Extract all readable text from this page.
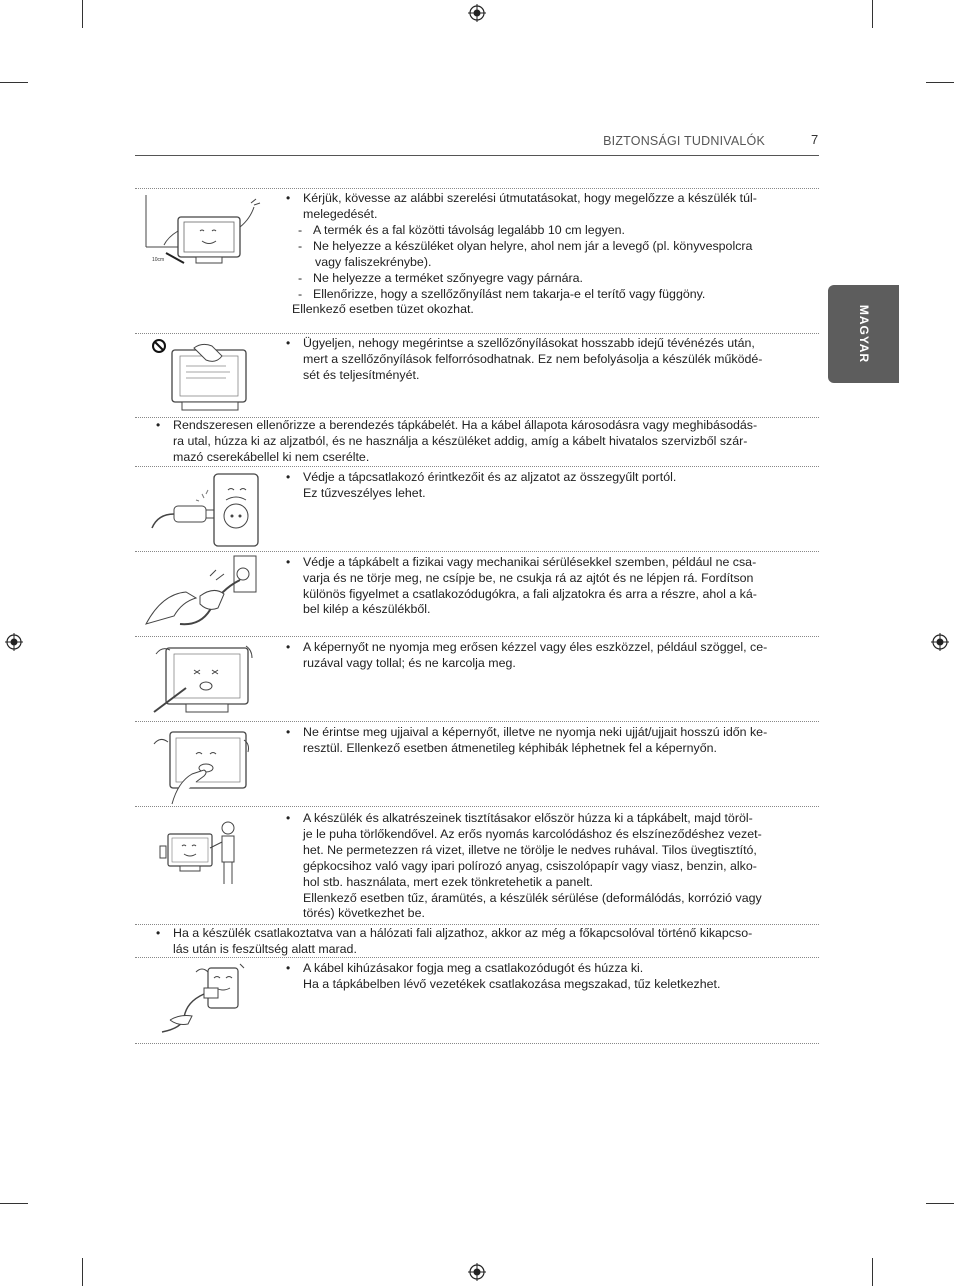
BIZTONSÁGI TUDNIVALÓK	7
MAGYAR
10cm
• Kérjük, kövesse az alábbi szerelési útmutatásokat, hogy megelőzze a készülék túl-
melegedését.
- A termék és a fal közötti távolság legalább 10 cm legyen.
- Ne helyezze a készüléket olyan helyre, ahol nem jár a levegő (pl. könyvespolcra
vagy faliszekrénybe).
- Ne helyezze a terméket szőnyegre vagy párnára.
- Ellenőrizze, hogy a szellőzőnyílást nem takarja-e el terítő vagy függöny.
Ellenkező esetben tüzet okozhat.
• Ügyeljen, nehogy megérintse a szellőzőnyílásokat hosszabb idejű tévénézés után,
mert a szellőzőnyílások felforrósodhatnak. Ez nem befolyásolja a készülék működé-
sét és teljesítményét.
• Rendszeresen ellenőrizze a berendezés tápkábelét. Ha a kábel állapota károsodásra vagy meghibásodás-
ra utal, húzza ki az aljzatból, és ne használja a készüléket addig, amíg a kábelt hivatalos szervizből szár-
mazó cserekábellel ki nem cserélte.
• Védje a tápcsatlakozó érintkezőit és az aljzatot az összegyűlt portól.
Ez tűzveszélyes lehet.
• Védje a tápkábelt a fizikai vagy mechanikai sérülésekkel szemben, például ne csa-
varja és ne törje meg, ne csípje be, ne csukja rá az ajtót és ne lépjen rá. Fordítson
különös figyelmet a csatlakozódugókra, a fali aljzatokra és arra a részre, ahol a ká-
bel kilép a készülékből.
• A képernyőt ne nyomja meg erősen kézzel vagy éles eszközzel, például szöggel, ce-
ruzával vagy tollal; és ne karcolja meg.
• Ne érintse meg ujjaival a képernyőt, illetve ne nyomja neki ujját/ujjait hosszú időn ke-
resztül. Ellenkező esetben átmenetileg képhibák léphetnek fel a képernyőn.
• A készülék és alkatrészeinek tisztításakor először húzza ki a tápkábelt, majd töröl-
je le puha törlőkendővel. Az erős nyomás karcolódáshoz és elszíneződéshez vezet-
het. Ne permetezzen rá vizet, illetve ne törölje le nedves ruhával. Tilos üvegtisztító,
gépkocsihoz való vagy ipari polírozó anyag, csiszolópapír vagy viasz, benzin, alko-
hol stb. használata, mert ezek tönkretehetik a panelt.
Ellenkező esetben tűz, áramütés, a készülék sérülése (deformálódás, korrózió vagy
törés) következhet be.
• Ha a készülék csatlakoztatva van a hálózati fali aljzathoz, akkor az még a főkapcsolóval történő kikapcso-
lás után is feszültség alatt marad.
• A kábel kihúzásakor fogja meg a csatlakozódugót és húzza ki.
Ha a tápkábelben lévő vezetékek csatlakozása megszakad, tűz keletkezhet.
